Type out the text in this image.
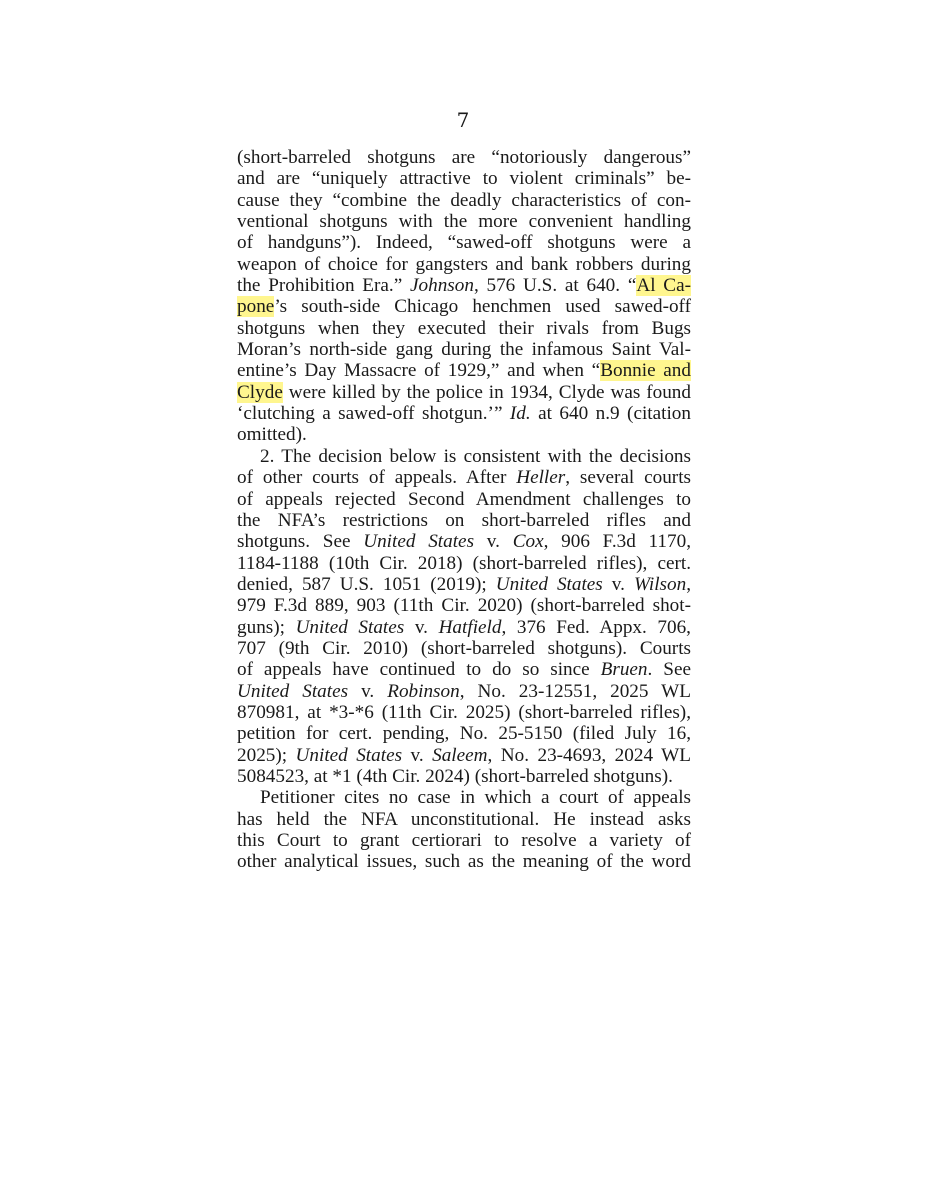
7
(short-barreled shotguns are “notoriously dangerous”
and are “uniquely attractive to violent criminals” be-
cause they “combine the deadly characteristics of con-
ventional shotguns with the more convenient handling
of handguns”). Indeed, “sawed-off shotguns were a
weapon of choice for gangsters and bank robbers during
the Prohibition Era.” Johnson, 576 U.S. at 640. “Al Ca-
pone’s south-side Chicago henchmen used sawed-off
shotguns when they executed their rivals from Bugs
Moran’s north-side gang during the infamous Saint Val-
entine’s Day Massacre of 1929,” and when “Bonnie and
Clyde were killed by the police in 1934, Clyde was found
‘clutching a sawed-off shotgun.’” Id. at 640 n.9 (citation
omitted).
2. The decision below is consistent with the decisions
of other courts of appeals. After Heller, several courts
of appeals rejected Second Amendment challenges to
the NFA’s restrictions on short-barreled rifles and
shotguns. See United States v. Cox, 906 F.3d 1170,
1184-1188 (10th Cir. 2018) (short-barreled rifles), cert.
denied, 587 U.S. 1051 (2019); United States v. Wilson,
979 F.3d 889, 903 (11th Cir. 2020) (short-barreled shot-
guns); United States v. Hatfield, 376 Fed. Appx. 706,
707 (9th Cir. 2010) (short-barreled shotguns). Courts
of appeals have continued to do so since Bruen. See
United States v. Robinson, No. 23-12551, 2025 WL
870981, at *3-*6 (11th Cir. 2025) (short-barreled rifles),
petition for cert. pending, No. 25-5150 (filed July 16,
2025); United States v. Saleem, No. 23-4693, 2024 WL
5084523, at *1 (4th Cir. 2024) (short-barreled shotguns).
Petitioner cites no case in which a court of appeals
has held the NFA unconstitutional. He instead asks
this Court to grant certiorari to resolve a variety of
other analytical issues, such as the meaning of the word
